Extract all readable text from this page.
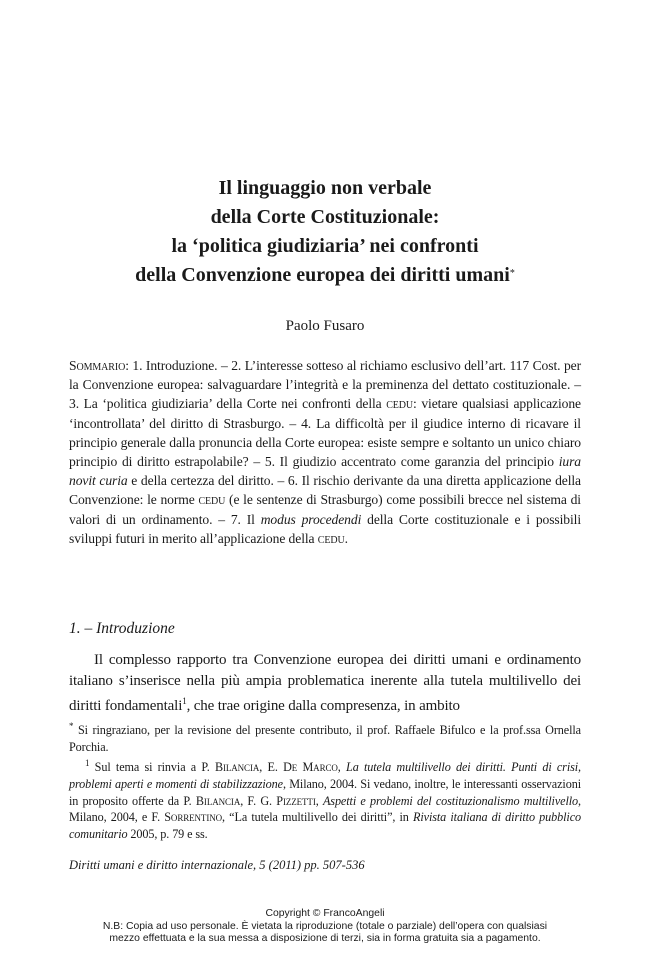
Il linguaggio non verbale
della Corte Costituzionale:
la ‘politica giudiziaria’ nei confronti
della Convenzione europea dei diritti umani*
Paolo Fusaro
Sommario: 1. Introduzione. – 2. L’interesse sotteso al richiamo esclusivo dell’art. 117 Cost. per la Convenzione europea: salvaguardare l’integrità e la preminenza del dettato costituzionale. – 3. La ‘politica giudiziaria’ della Corte nei confronti della cedu: vietare qualsiasi applicazione ‘incontrollata’ del diritto di Strasburgo. – 4. La difficoltà per il giudice interno di ricavare il principio generale dalla pronuncia della Corte europea: esiste sempre e soltanto un unico chiaro principio di diritto estrapolabile? – 5. Il giudizio accentrato come garanzia del principio iura novit curia e della certezza del diritto. – 6. Il rischio derivante da una diretta applicazione della Convenzione: le norme cedu (e le sentenze di Strasburgo) come possibili brecce nel sistema di valori di un ordinamento. – 7. Il modus procedendi della Corte costituzionale e i possibili sviluppi futuri in merito all’applicazione della cedu.
1. – Introduzione
Il complesso rapporto tra Convenzione europea dei diritti umani e ordinamento italiano s’inserisce nella più ampia problematica inerente alla tutela multilivello dei diritti fondamentali$^1$, che trae origine dalla compresenza, in ambito

* Si ringraziano, per la revisione del presente contributo, il prof. Raffaele Bifulco e la prof.ssa Ornella Porchia.

$^1$ Sul tema si rinvia a P. Bilancia, E. De Marco, La tutela multilivello dei diritti. Punti di crisi, problemi aperti e momenti di stabilizzazione, Milano, 2004. Si vedano, inoltre, le interessanti osservazioni in proposito offerte da P. Bilancia, F. G. Pizzetti, Aspetti e problemi del costituzionalismo multilivello, Milano, 2004, e F. Sorrentino, “La tutela multilivello dei diritti”, in Rivista italiana di diritto pubblico comunitario 2005, p. 79 e ss.

Diritti umani e diritto internazionale, 5 (2011) pp. 507-536
Copyright © FrancoAngeli
N.B: Copia ad uso personale. È vietata la riproduzione (totale o parziale) dell’opera con qualsiasi
mezzo effettuata e la sua messa a disposizione di terzi, sia in forma gratuita sia a pagamento.
